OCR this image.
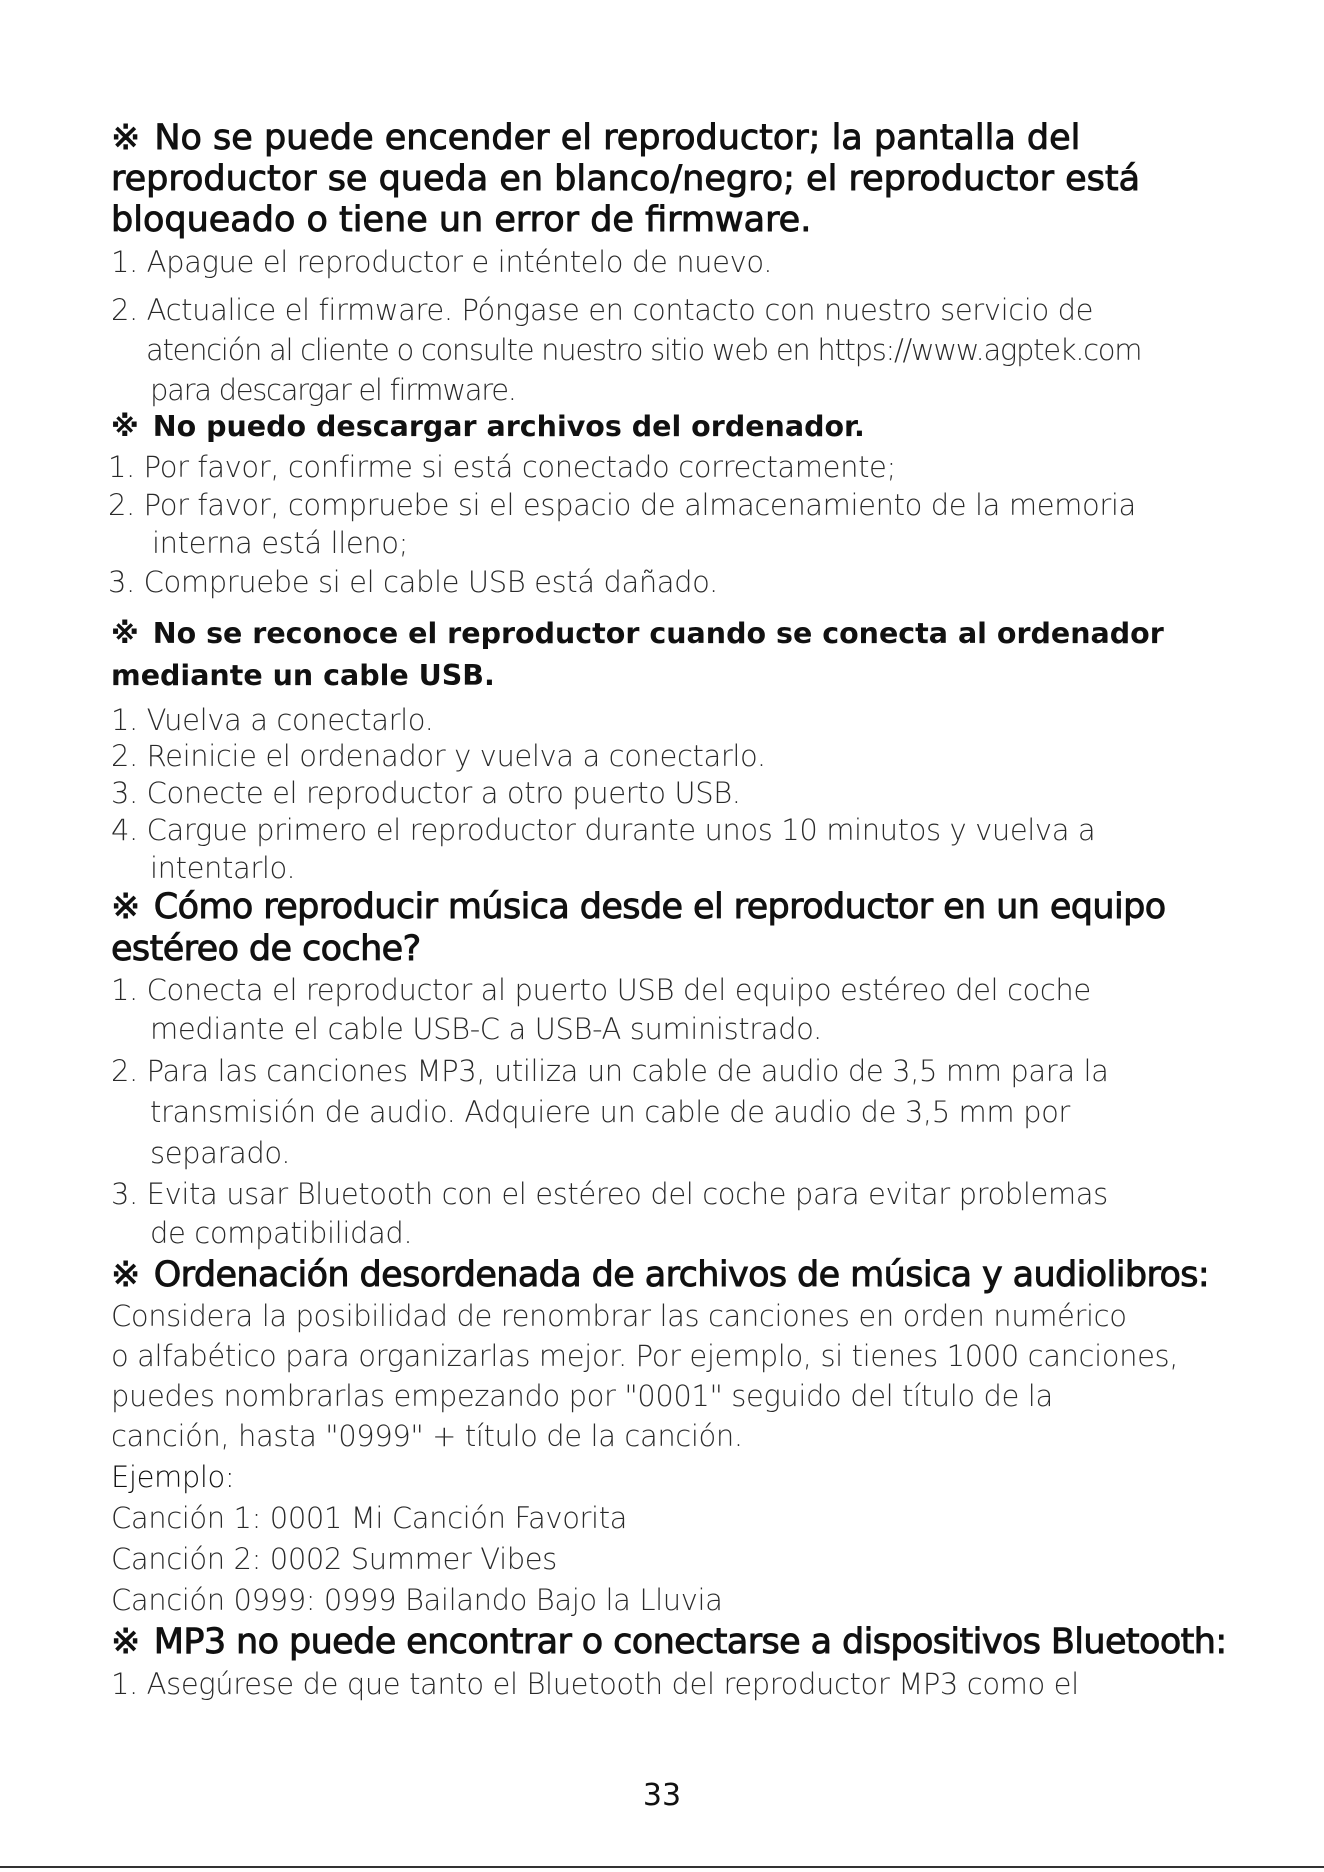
※ No se puede encender el reproductor; la pantalla del
reproductor se queda en blanco/negro; el reproductor está
bloqueado o tiene un error de firmware.

1. Apague el reproductor e inténtelo de nuevo.

2. Actualice el firmware. Póngase en contacto con nuestro servicio de

atención al cliente o consulte nuestro sitio web en https://www.agptek.com

para descargar el firmware.

※ No puedo descargar archivos del ordenador.

1. Por favor, confirme si está conectado correctamente;

2. Por favor, compruebe si el espacio de almacenamiento de la memoria

interna está lleno;

3. Compruebe si el cable USB está dañado.

※ No se reconoce el reproductor cuando se conecta al ordenador
mediante un cable USB.

1. Vuelva a conectarlo.

2. Reinicie el ordenador y vuelva a conectarlo.

3. Conecte el reproductor a otro puerto USB.

4. Cargue primero el reproductor durante unos 10 minutos y vuelva a

intentarlo.

※ Cómo reproducir música desde el reproductor en un equipo
estéreo de coche?

1. Conecta el reproductor al puerto USB del equipo estéreo del coche

mediante el cable USB-C a USB-A suministrado.

2. Para las canciones MP3, utiliza un cable de audio de 3,5 mm para la

transmisión de audio. Adquiere un cable de audio de 3,5 mm por

separado.

3. Evita usar Bluetooth con el estéreo del coche para evitar problemas

de compatibilidad.

※ Ordenación desordenada de archivos de música y audiolibros:

Considera la posibilidad de renombrar las canciones en orden numérico

o alfabético para organizarlas mejor. Por ejemplo, si tienes 1000 canciones,

puedes nombrarlas empezando por "0001" seguido del título de la

canción, hasta "0999" + título de la canción.

Ejemplo:

Canción 1: 0001 Mi Canción Favorita

Canción 2: 0002 Summer Vibes

Canción 0999: 0999 Bailando Bajo la Lluvia

※ MP3 no puede encontrar o conectarse a dispositivos Bluetooth:

1. Asegúrese de que tanto el Bluetooth del reproductor MP3 como el

33
